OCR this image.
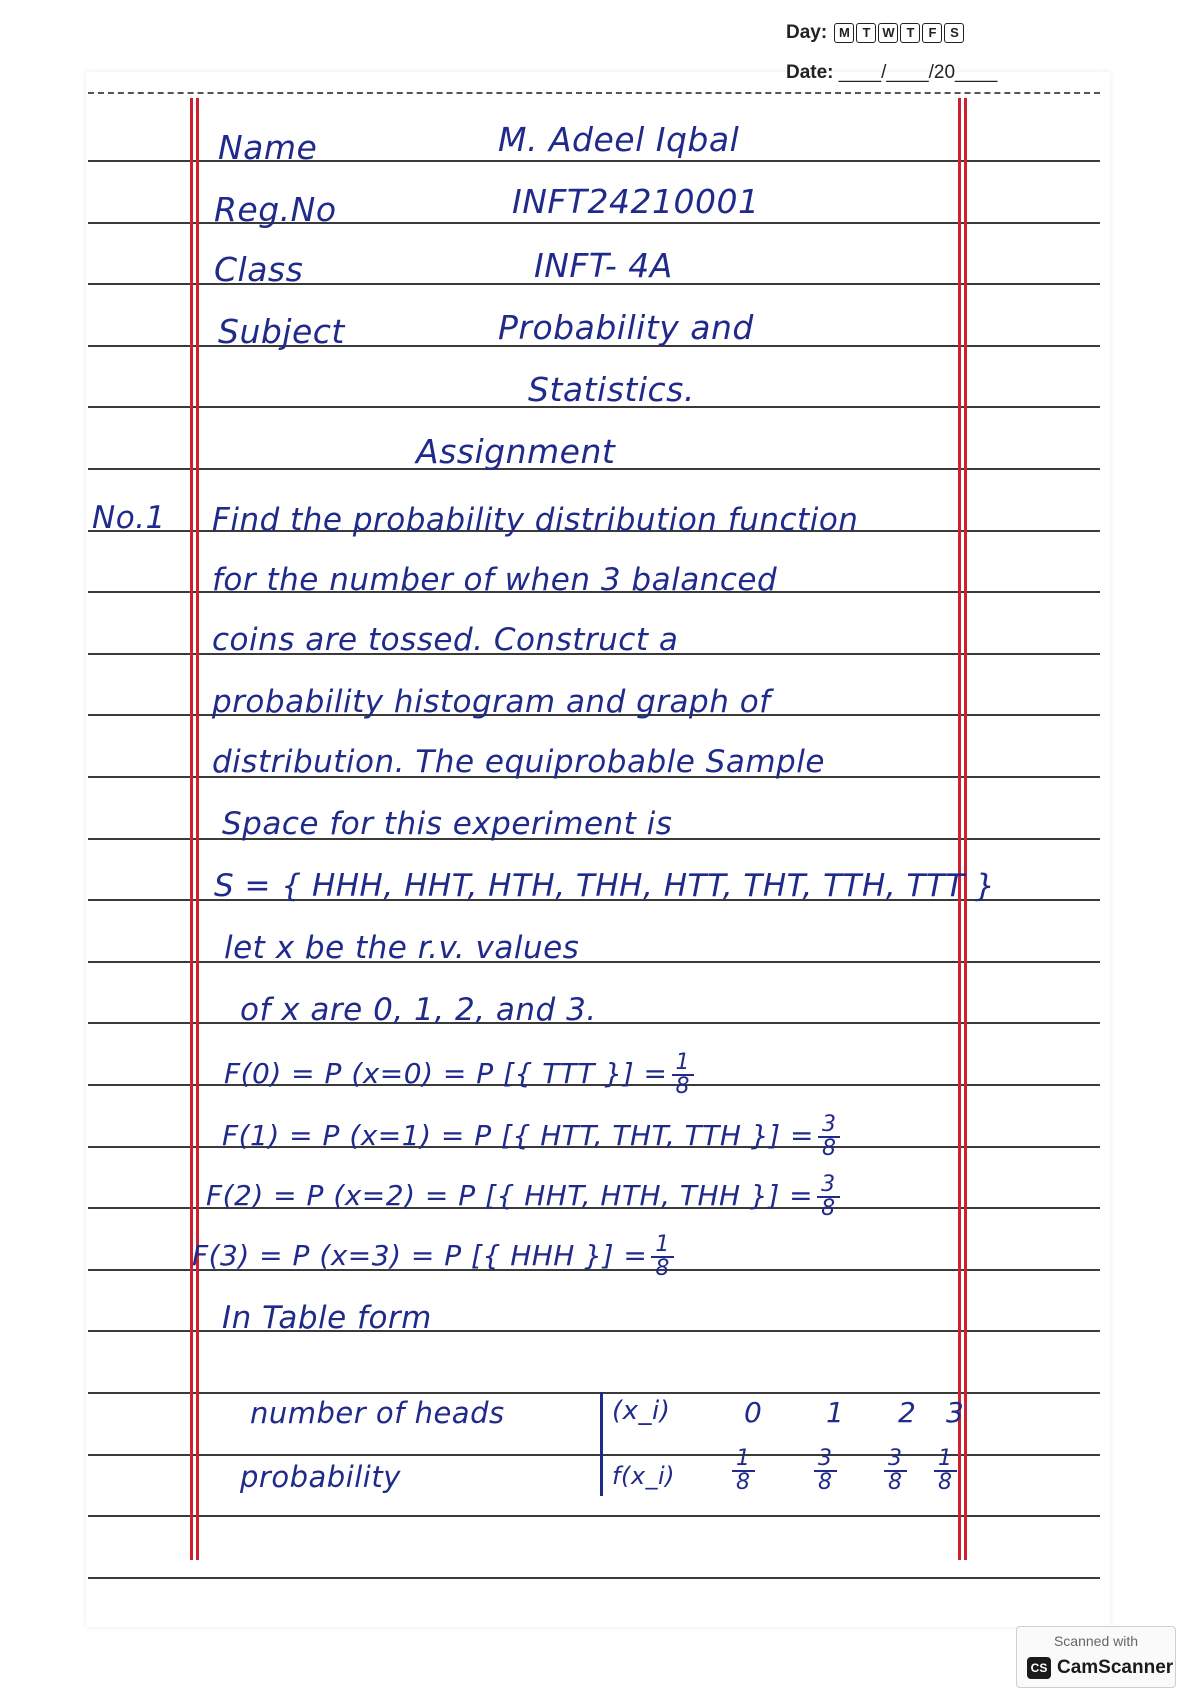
Day: M T W T F S
Date: ____/____/20____
Name	M. Adeel Iqbal
Reg.No	INFT24210001
Class	INFT- 4A
Subject	Probability and
Statistics.
Assignment
No.1 Find the probability distribution function
for the number of when 3 balanced
coins are tossed. Construct a
probability histogram and graph of
distribution. The equiprobable Sample
Space for this experiment is
S = { HHH, HHT, HTH, THH, HTT, THT, TTH, TTT }
let x be the r.v. values
of x are 0, 1, 2, and 3.
F(0) = P (x=0) = P [{ TTT }] = $\frac{1}{8}$
F(1) = P (x=1) = P [{ HTT, THT, TTH }] = $\frac{3}{8}$
F(2) = P (x=2) = P [{ HHT, HTH, THH }] = $\frac{3}{8}$
F(3) = P (x=3) = P [{ HHH }] = $\frac{1}{8}$
In Table form
number of heads	(x_i)	0 1 2 3
probability	f(x_i)	$\frac{1}{8}$	$\frac{3}{8} \frac{3}{8} \frac{1}{8}$
Scanned with
CS CamScanner
